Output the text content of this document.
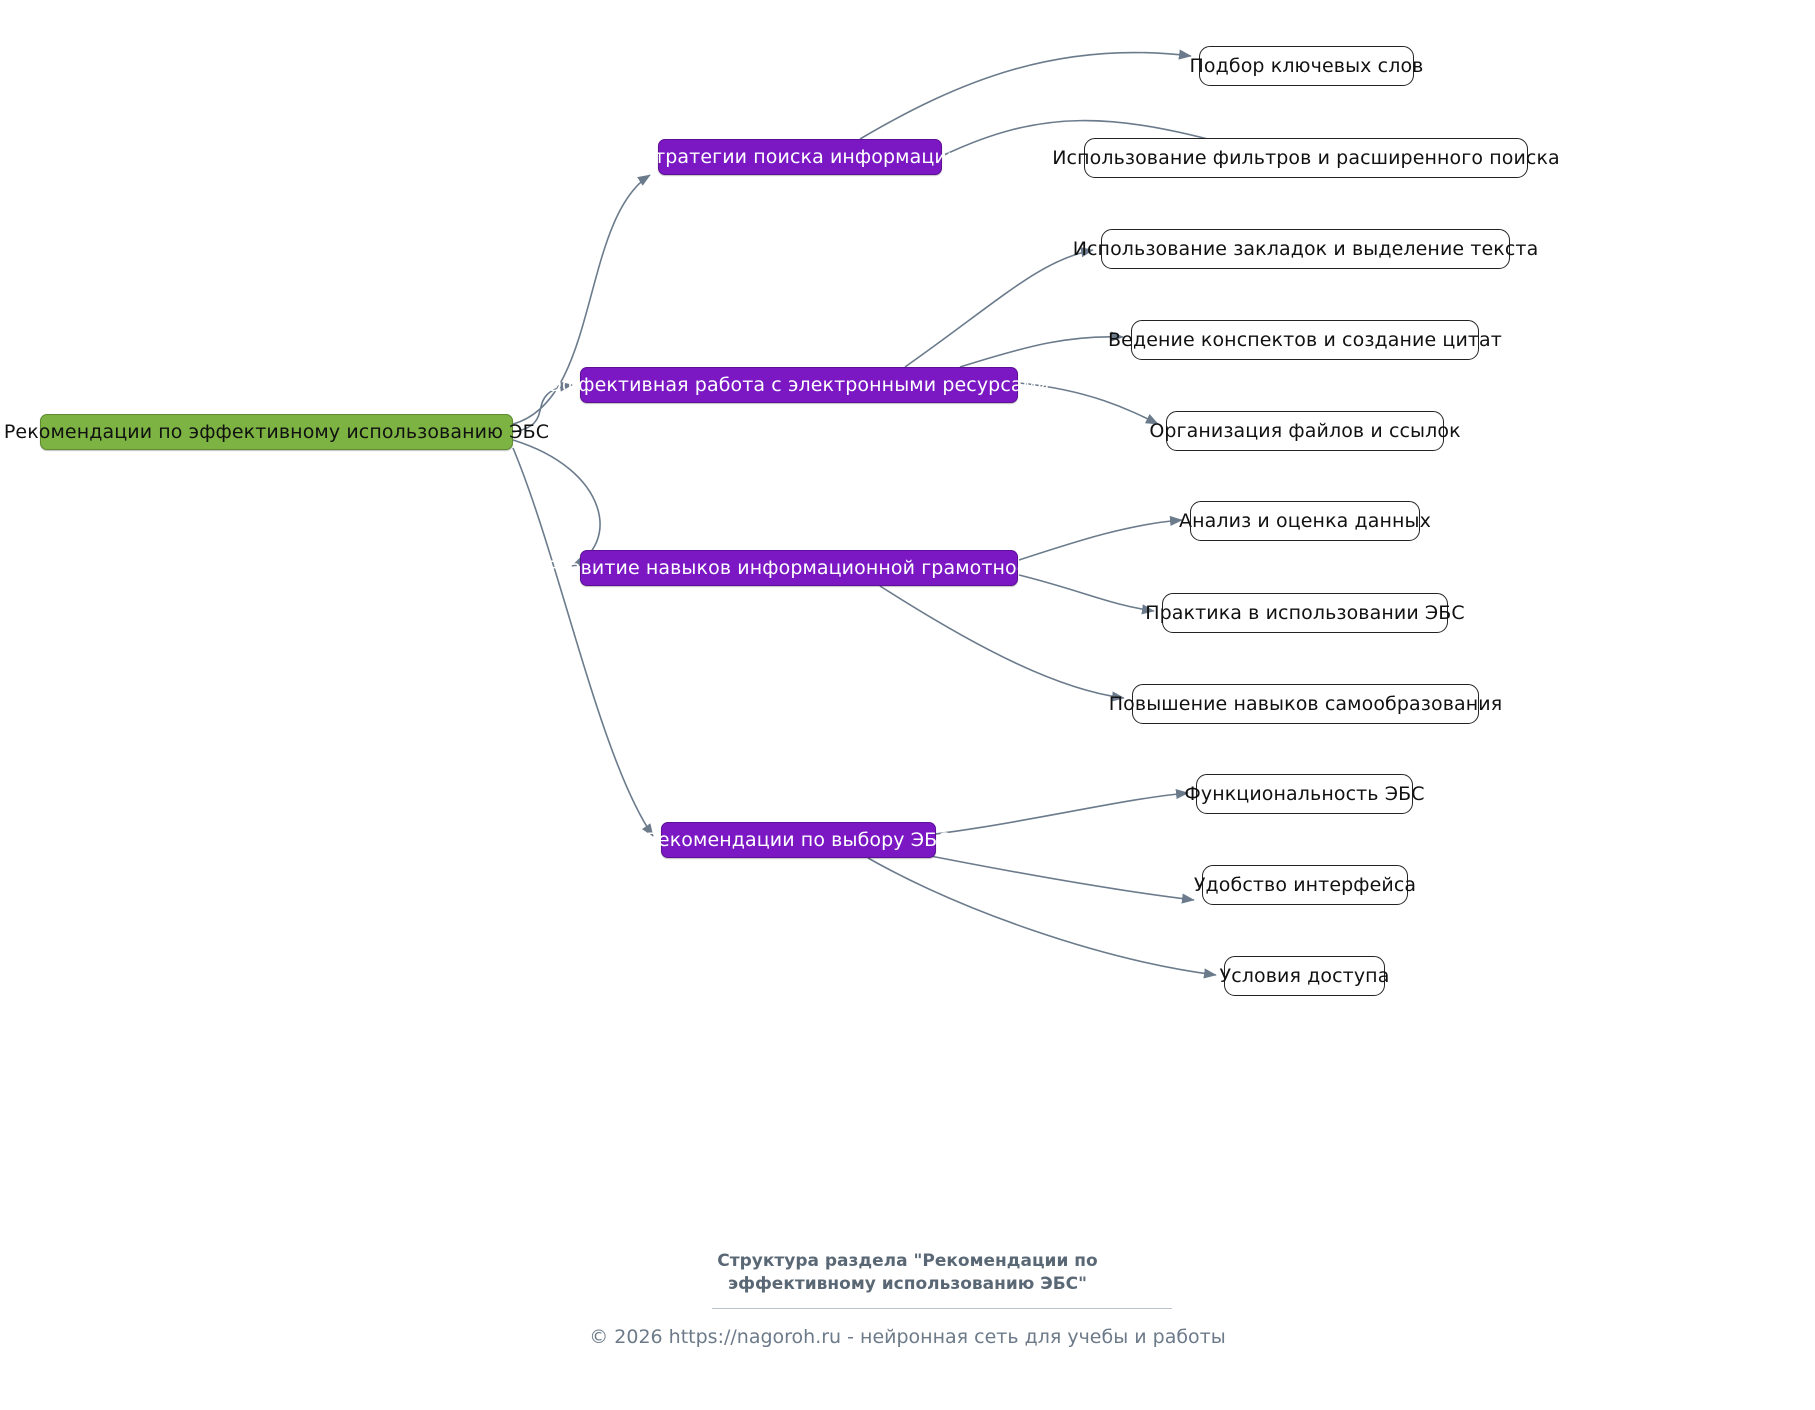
Рекомендации по эффективному использованию ЭБС
Стратегии поиска информации
Подбор ключевых слов
Использование фильтров и расширенного поиска
Эффективная работа с электронными ресурсами
Использование закладок и выделение текста
Ведение конспектов и создание цитат
Организация файлов и ссылок
Развитие навыков информационной грамотности
Анализ и оценка данных
Практика в использовании ЭБС
Повышение навыков самообразования
Рекомендации по выбору ЭБС
Функциональность ЭБС
Удобство интерфейса
Условия доступа
Структура раздела "Рекомендации по
эффективному использованию ЭБС"
© 2026 https://nagoroh.ru - нейронная сеть для учебы и работы
